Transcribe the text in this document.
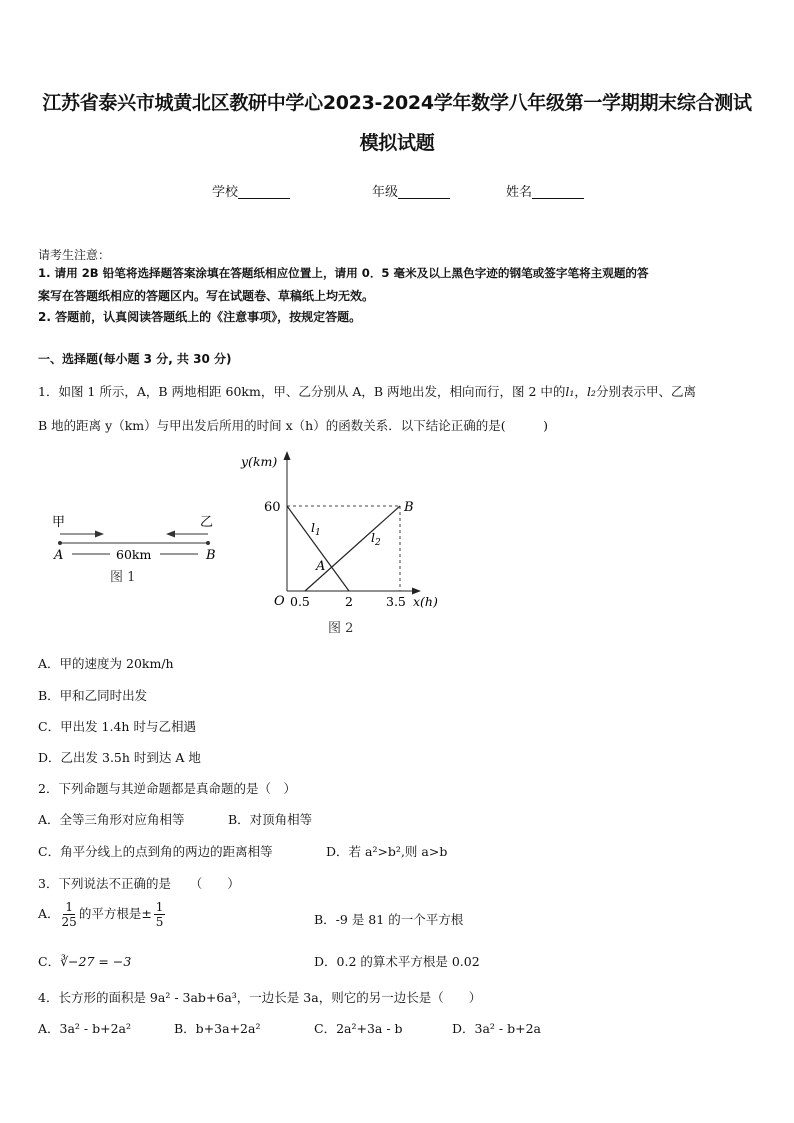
江苏省泰兴市城黄北区教研中学心2023-2024学年数学八年级第一学期期末综合测试
模拟试题
学校	年级	姓名
请考生注意：
1. 请用 2B 铅笔将选择题答案涂填在答题纸相应位置上，请用 0．5 毫米及以上黑色字迹的钢笔或签字笔将主观题的答
案写在答题纸相应的答题区内。写在试题卷、草稿纸上均无效。
2. 答题前，认真阅读答题纸上的《注意事项》，按规定答题。
一、选择题(每小题 3 分, 共 30 分)
1．如图 1 所示，A，B 两地相距 60km，甲、乙分别从 A，B 两地出发，相向而行，图 2 中的l₁，l₂分别表示甲、乙离
B 地的距离 y（km）与甲出发后所用的时间 x（h）的函数关系．以下结论正确的是(　　　)
甲	乙
A	B
60km
图 1
y(km)
x(h)
60
O 0.5	2	3.5
$l_1$	$l_2$
A
B
图 2
A．甲的速度为 20km/h
B．甲和乙同时出发
C．甲出发 1.4h 时与乙相遇
D．乙出发 3.5h 时到达 A 地
2．下列命题与其逆命题都是真命题的是（　）
A．全等三角形对应角相等	B．对顶角相等
C．角平分线上的点到角的两边的距离相等	D．若 a²>b²,则 a>b
3．下列说法不正确的是　　（　　）
A． $\frac{1}{25}$ 的平方根是± $\frac{1}{5}$	B．-9 是 81 的一个平方根
C．∛−27 = −3	D．0.2 的算术平方根是 0.02
4．长方形的面积是 9a² - 3ab+6a³，一边长是 3a，则它的另一边长是（　　）
A．3a² - b+2a²	B．b+3a+2a²	C．2a²+3a - b	D．3a² - b+2a
